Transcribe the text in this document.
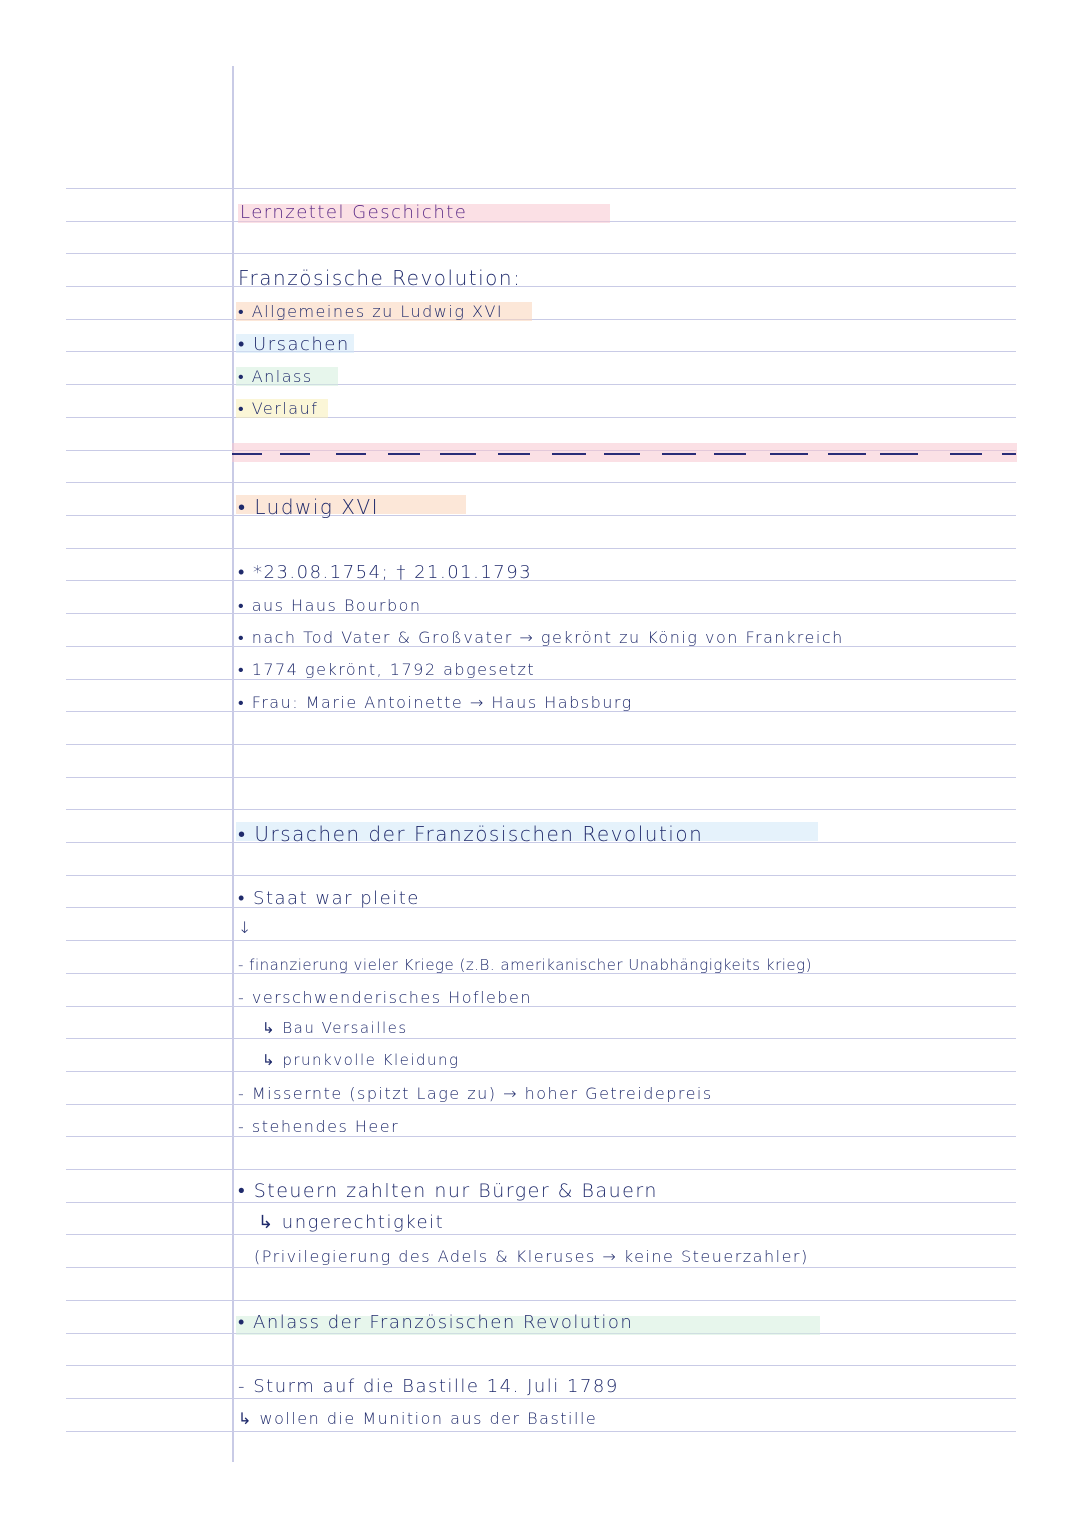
Lernzettel Geschichte
Französische Revolution:
• Allgemeines zu Ludwig XVI
• Ursachen
• Anlass
• Verlauf
• Ludwig XVI
• *23.08.1754; † 21.01.1793
• aus Haus Bourbon
• nach Tod Vater & Großvater → gekrönt zu König von Frankreich
• 1774 gekrönt, 1792 abgesetzt
• Frau: Marie Antoinette → Haus Habsburg
• Ursachen der Französischen Revolution
• Staat war pleite
↓
- finanzierung vieler Kriege (z.B. amerikanischer Unabhängigkeits krieg)
- verschwenderisches Hofleben
↳ Bau Versailles
↳ prunkvolle Kleidung
- Missernte (spitzt Lage zu) → hoher Getreidepreis
- stehendes Heer
• Steuern zahlten nur Bürger & Bauern
↳ ungerechtigkeit
(Privilegierung des Adels & Kleruses → keine Steuerzahler)
• Anlass der Französischen Revolution
- Sturm auf die Bastille 14. Juli 1789
↳ wollen die Munition aus der Bastille
